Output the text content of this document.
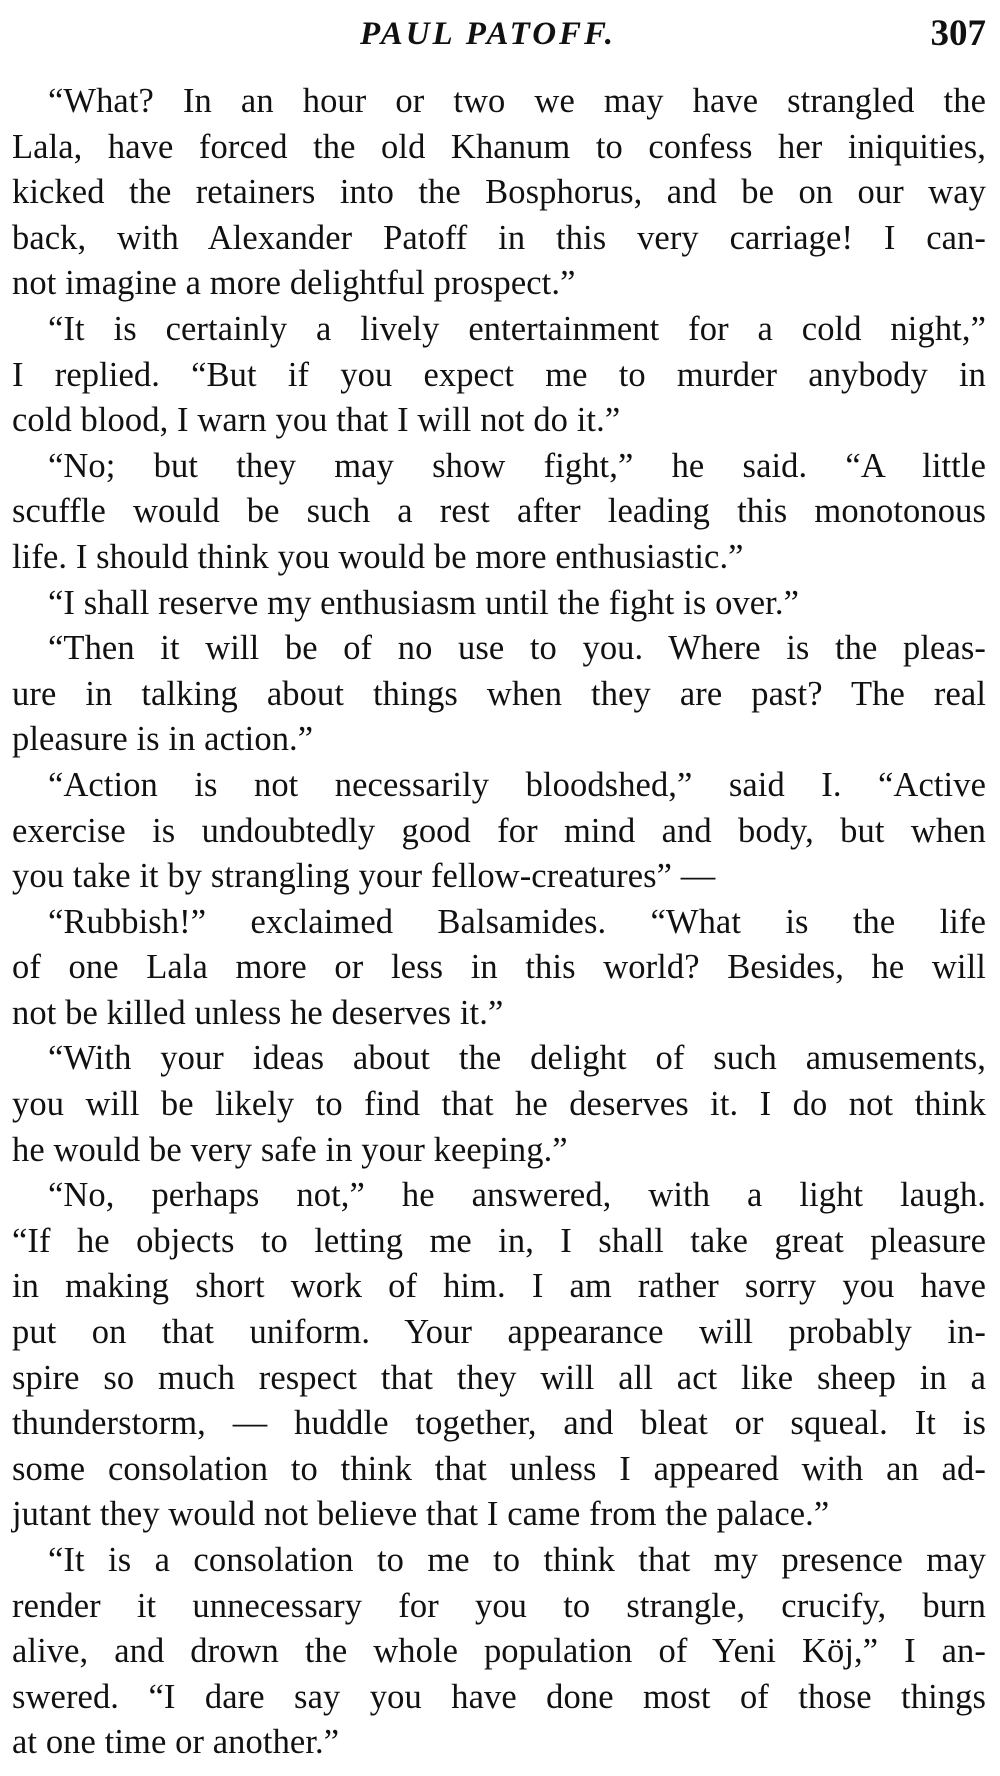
PAUL PATOFF.	307
“What? In an hour or two we may have strangled the
Lala, have forced the old Khanum to confess her iniquities,
kicked the retainers into the Bosphorus, and be on our way
back, with Alexander Patoff in this very carriage! I can-
not imagine a more delightful prospect.”
“It is certainly a lively entertainment for a cold night,”
I replied. “But if you expect me to murder anybody in
cold blood, I warn you that I will not do it.”
“No; but they may show fight,” he said. “A little
scuffle would be such a rest after leading this monotonous
life. I should think you would be more enthusiastic.”
“I shall reserve my enthusiasm until the fight is over.”
“Then it will be of no use to you. Where is the pleas-
ure in talking about things when they are past? The real
pleasure is in action.”
“Action is not necessarily bloodshed,” said I. “Active
exercise is undoubtedly good for mind and body, but when
you take it by strangling your fellow-creatures” —
“Rubbish!” exclaimed Balsamides. “What is the life
of one Lala more or less in this world? Besides, he will
not be killed unless he deserves it.”
“With your ideas about the delight of such amusements,
you will be likely to find that he deserves it. I do not think
he would be very safe in your keeping.”
“No, perhaps not,” he answered, with a light laugh.
“If he objects to letting me in, I shall take great pleasure
in making short work of him. I am rather sorry you have
put on that uniform. Your appearance will probably in-
spire so much respect that they will all act like sheep in a
thunderstorm, — huddle together, and bleat or squeal. It is
some consolation to think that unless I appeared with an ad-
jutant they would not believe that I came from the palace.”
“It is a consolation to me to think that my presence may
render it unnecessary for you to strangle, crucify, burn
alive, and drown the whole population of Yeni Köj,” I an-
swered. “I dare say you have done most of those things
at one time or another.”
